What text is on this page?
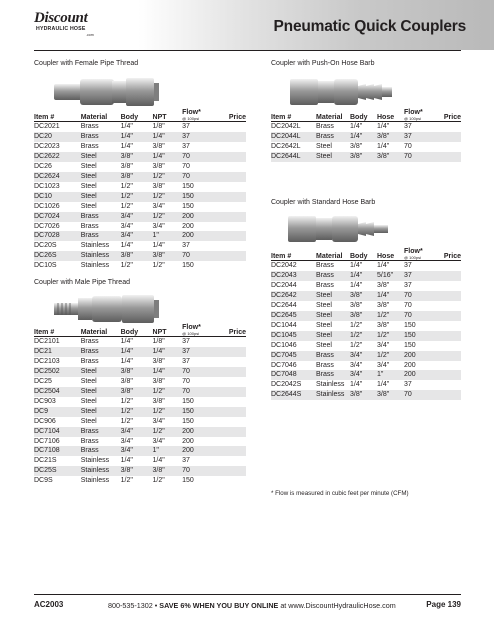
Discount
HYDRAULIC HOSE
.com	Pneumatic Quick Couplers

Coupler with Female Pipe Thread

Item #	Material	Body	NPT	Flow*
@ 100psi	Price
DC2021	Brass	1/4"	1/8"	37	
DC20	Brass	1/4"	1/4"	37	
DC2023	Brass	1/4"	3/8"	37	
DC2622	Steel	3/8"	1/4"	70	
DC26	Steel	3/8"	3/8"	70	
DC2624	Steel	3/8"	1/2"	70	
DC1023	Steel	1/2"	3/8"	150	
DC10	Steel	1/2"	1/2"	150	
DC1026	Steel	1/2"	3/4"	150	
DC7024	Brass	3/4"	1/2"	200	
DC7026	Brass	3/4"	3/4"	200	
DC7028	Brass	3/4"	1"	200	
DC20S	Stainless	1/4"	1/4"	37	
DC26S	Stainless	3/8"	3/8"	70	
DC10S	Stainless	1/2"	1/2"	150	

Coupler with Male Pipe Thread

Item #	Material	Body	NPT	Flow*
@ 100psi	Price
DC2101	Brass	1/4"	1/8"	37	
DC21	Brass	1/4"	1/4"	37	
DC2103	Brass	1/4"	3/8"	37	
DC2502	Steel	3/8"	1/4"	70	
DC25	Steel	3/8"	3/8"	70	
DC2504	Steel	3/8"	1/2"	70	
DC903	Steel	1/2"	3/8"	150	
DC9	Steel	1/2"	1/2"	150	
DC906	Steel	1/2"	3/4"	150	
DC7104	Brass	3/4"	1/2"	200	
DC7106	Brass	3/4"	3/4"	200	
DC7108	Brass	3/4"	1"	200	
DC21S	Stainless	1/4"	1/4"	37	
DC25S	Stainless	3/8"	3/8"	70	
DC9S	Stainless	1/2"	1/2"	150	

Coupler with Push-On Hose Barb

Item #	Material	Body	Hose	Flow*
@ 100psi	Price
DC2042L	Brass	1/4"	1/4"	37	
DC2044L	Brass	1/4"	3/8"	37	
DC2642L	Steel	3/8"	1/4"	70	
DC2644L	Steel	3/8"	3/8"	70	

Coupler with Standard Hose Barb

Item #	Material	Body	Hose	Flow*
@ 100psi	Price
DC2042	Brass	1/4"	1/4"	37	
DC2043	Brass	1/4"	5/16"	37	
DC2044	Brass	1/4"	3/8"	37	
DC2642	Steel	3/8"	1/4"	70	
DC2644	Steel	3/8"	3/8"	70	
DC2645	Steel	3/8"	1/2"	70	
DC1044	Steel	1/2"	3/8"	150	
DC1045	Steel	1/2"	1/2"	150	
DC1046	Steel	1/2"	3/4"	150	
DC7045	Brass	3/4"	1/2"	200	
DC7046	Brass	3/4"	3/4"	200	
DC7048	Brass	3/4"	1"	200	
DC2042S	Stainless	1/4"	1/4"	37	
DC2644S	Stainless	3/8"	3/8"	70	
* Flow is measured in cubic feet per minute (CFM)
AC2003	800-535-1302 • SAVE 6% WHEN YOU BUY ONLINE at www.DiscountHydraulicHose.com	Page 139
